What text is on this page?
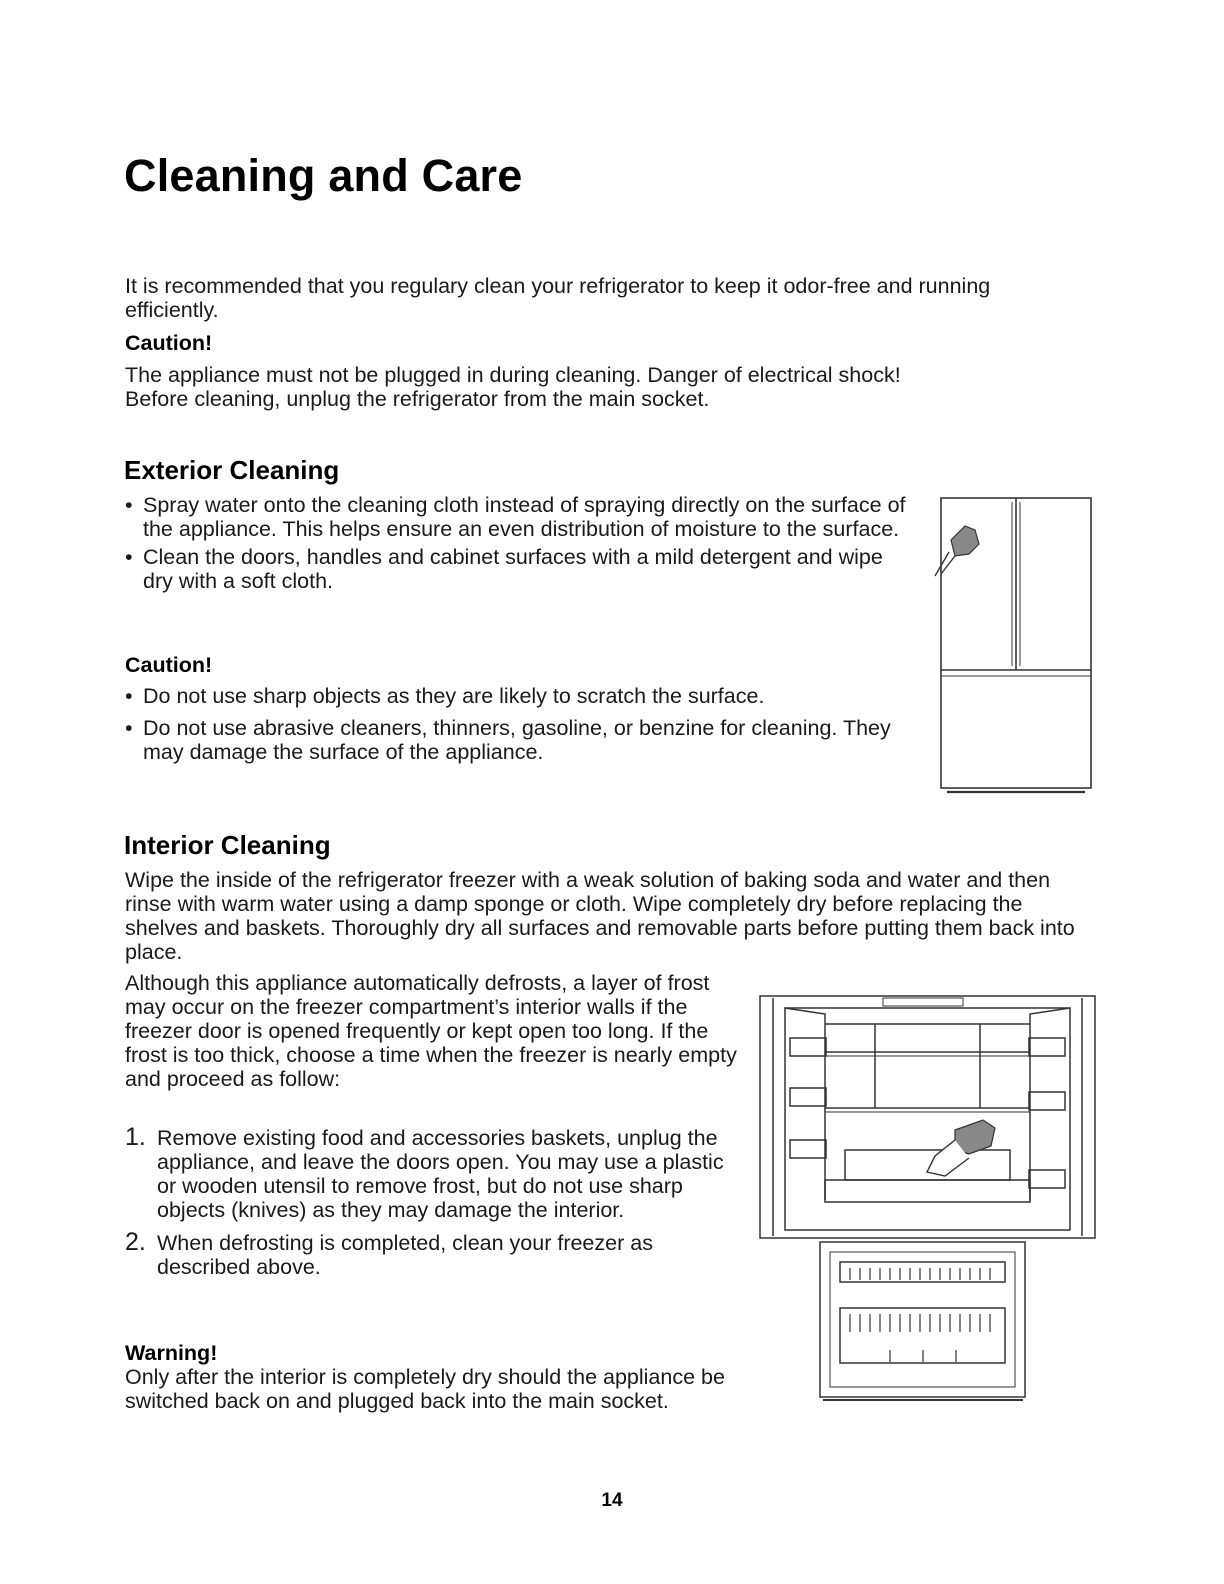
Cleaning and Care

It is recommended that you regulary clean your refrigerator to keep it odor-free and running efficiently.

Caution!

The appliance must not be plugged in during cleaning. Danger of electrical shock!

Before cleaning, unplug the refrigerator from the main socket.

Exterior Cleaning

• Spray water onto the cleaning cloth instead of spraying directly on the surface of the appliance. This helps ensure an even distribution of moisture to the surface.

• Clean the doors, handles and cabinet surfaces with a mild detergent and wipe dry with a soft cloth.

Caution!

• Do not use sharp objects as they are likely to scratch the surface.

• Do not use abrasive cleaners, thinners, gasoline, or benzine for cleaning. They may damage the surface of the appliance.

Interior Cleaning

Wipe the inside of the refrigerator freezer with a weak solution of baking soda and water and then rinse with warm water using a damp sponge or cloth. Wipe completely dry before replacing the shelves and baskets. Thoroughly dry all surfaces and removable parts before putting them back into place.

Although this appliance automatically defrosts, a layer of frost may occur on the freezer compartment’s interior walls if the freezer door is opened frequently or kept open too long. If the frost is too thick, choose a time when the freezer is nearly empty and proceed as follow:

1. Remove existing food and accessories baskets, unplug the appliance, and leave the doors open. You may use a plastic or wooden utensil to remove frost, but do not use sharp objects (knives) as they may damage the interior.

2. When defrosting is completed, clean your freezer as described above.

Warning!

Only after the interior is completely dry should the appliance be switched back on and plugged back into the main socket.

14
